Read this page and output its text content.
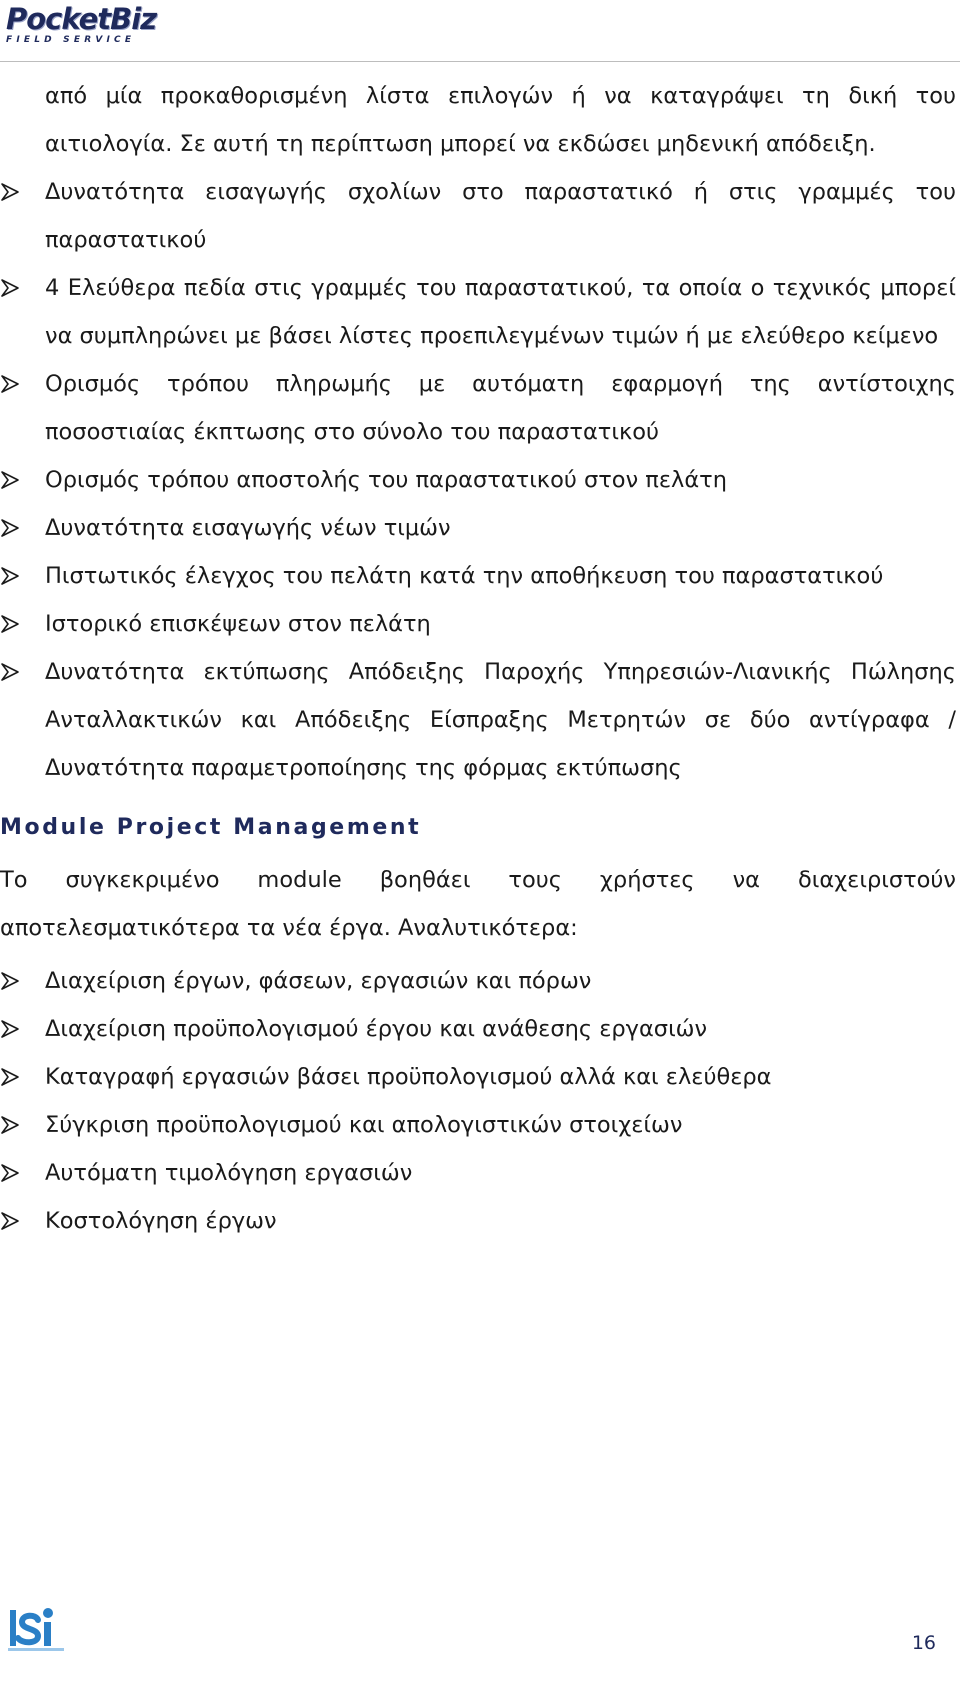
PocketBiz
FIELD SERVICE

από μία προκαθορισμένη λίστα επιλογών ή να καταγράψει τη δική του αιτιολογία. Σε αυτή τη περίπτωση μπορεί να εκδώσει μηδενική απόδειξη.

Δυνατότητα εισαγωγής σχολίων στο παραστατικό ή στις γραμμές του παραστατικού
4 Ελεύθερα πεδία στις γραμμές του παραστατικού, τα οποία ο τεχνικός μπορεί να συμπληρώνει με βάσει λίστες προεπιλεγμένων τιμών ή με ελεύθερο κείμενο
Ορισμός τρόπου πληρωμής με αυτόματη εφαρμογή της αντίστοιχης ποσοστιαίας έκπτωσης στο σύνολο του παραστατικού
Ορισμός τρόπου αποστολής του παραστατικού στον πελάτη
Δυνατότητα εισαγωγής νέων τιμών
Πιστωτικός έλεγχος του πελάτη κατά την αποθήκευση του παραστατικού
Ιστορικό επισκέψεων στον πελάτη
Δυνατότητα εκτύπωσης Απόδειξης Παροχής Υπηρεσιών-Λιανικής Πώλησης Ανταλλακτικών και Απόδειξης Είσπραξης Μετρητών σε δύο αντίγραφα / Δυνατότητα παραμετροποίησης της φόρμας εκτύπωσης
Module Project Management

Το συγκεκριμένο module βοηθάει τους χρήστες να διαχειριστούν αποτελεσματικότερα τα νέα έργα. Αναλυτικότερα:

Διαχείριση έργων, φάσεων, εργασιών και πόρων
Διαχείριση προϋπολογισμού έργου και ανάθεσης εργασιών
Καταγραφή εργασιών βάσει προϋπολογισμού αλλά και ελεύθερα
Σύγκριση προϋπολογισμού και απολογιστικών στοιχείων
Αυτόματη τιμολόγηση εργασιών
Κοστολόγηση έργων
16
